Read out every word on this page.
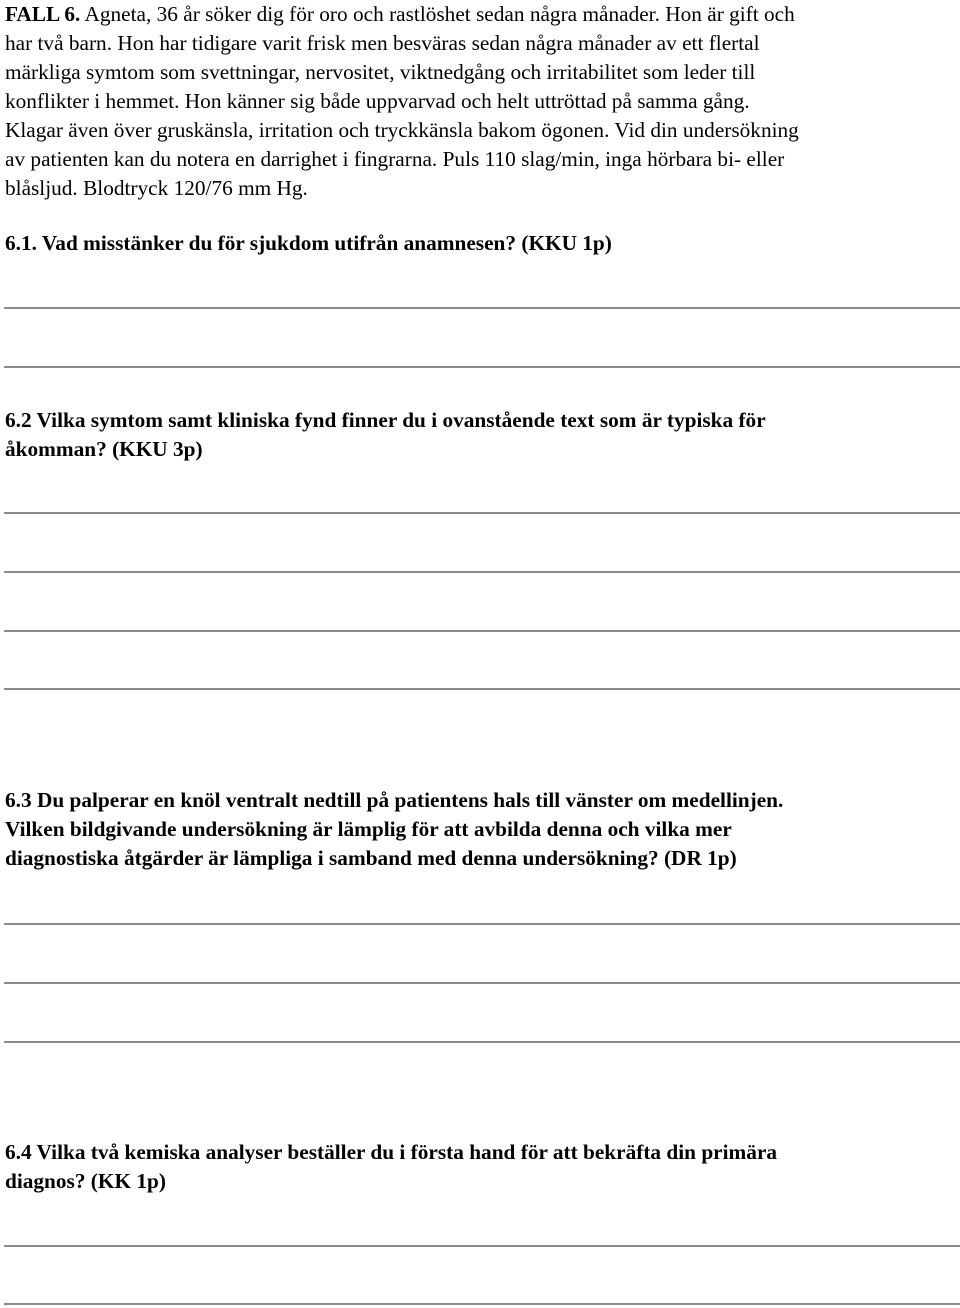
FALL 6. Agneta, 36 år söker dig för oro och rastlöshet sedan några månader. Hon är gift och

har två barn. Hon har tidigare varit frisk men besväras sedan några månader av ett flertal

märkliga symtom som svettningar, nervositet, viktnedgång och irritabilitet som leder till

konflikter i hemmet. Hon känner sig både uppvarvad och helt uttröttad på samma gång.

Klagar även över gruskänsla, irritation och tryckkänsla bakom ögonen. Vid din undersökning

av patienten kan du notera en darrighet i fingrarna. Puls 110 slag/min, inga hörbara bi- eller

blåsljud. Blodtryck 120/76 mm Hg.

6.1. Vad misstänker du för sjukdom utifrån anamnesen? (KKU 1p)

6.2 Vilka symtom samt kliniska fynd finner du i ovanstående text som är typiska för

åkomman? (KKU 3p)

6.3 Du palperar en knöl ventralt nedtill på patientens hals till vänster om medellinjen.

Vilken bildgivande undersökning är lämplig för att avbilda denna och vilka mer

diagnostiska åtgärder är lämpliga i samband med denna undersökning? (DR 1p)

6.4 Vilka två kemiska analyser beställer du i första hand för att bekräfta din primära

diagnos? (KK 1p)
